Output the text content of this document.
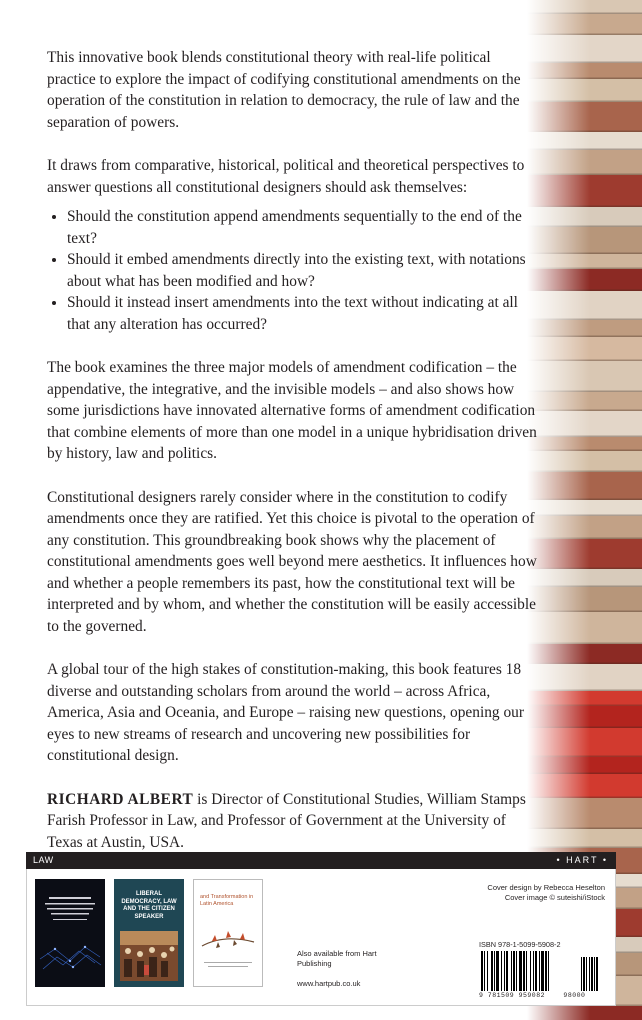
This innovative book blends constitutional theory with real-life political practice to explore the impact of codifying constitutional amendments on the operation of the constitution in relation to democracy, the rule of law and the separation of powers.

It draws from comparative, historical, political and theoretical perspectives to answer questions all constitutional designers should ask themselves:

• Should the constitution append amendments sequentially to the end of the text?
• Should it embed amendments directly into the existing text, with notations about what has been modified and how?
• Should it instead insert amendments into the text without indicating at all that any alteration has occurred?

The book examines the three major models of amendment codification – the appendative, the integrative, and the invisible models – and also shows how some jurisdictions have innovated alternative forms of amendment codification that combine elements of more than one model in a unique hybridisation driven by history, law and politics.

Constitutional designers rarely consider where in the constitution to codify amendments once they are ratified. Yet this choice is pivotal to the operation of any constitution. This groundbreaking book shows why the placement of constitutional amendments goes well beyond mere aesthetics. It influences how and whether a people remembers its past, how the constitutional text will be interpreted and by whom, and whether the constitution will be easily accessible to the governed.

A global tour of the high stakes of constitution-making, this book features 18 diverse and outstanding scholars from around the world – across Africa, America, Asia and Oceania, and Europe – raising new questions, opening our eyes to new streams of research and uncovering new possibilities for constitutional design.

RICHARD ALBERT is Director of Constitutional Studies, William Stamps Farish Professor in Law, and Professor of Government at the University of Texas at Austin, USA.

LAW	• HART •
LIBERAL DEMOCRACY, LAW AND THE CITIZEN SPEAKER
and Transformation in Latin America
Also available from Hart Publishing
www.hartpub.co.uk
Cover design by Rebecca Heselton
Cover image © suteishi/iStock
ISBN 978-1-5099-5908-2
9 781509 959082	98000
